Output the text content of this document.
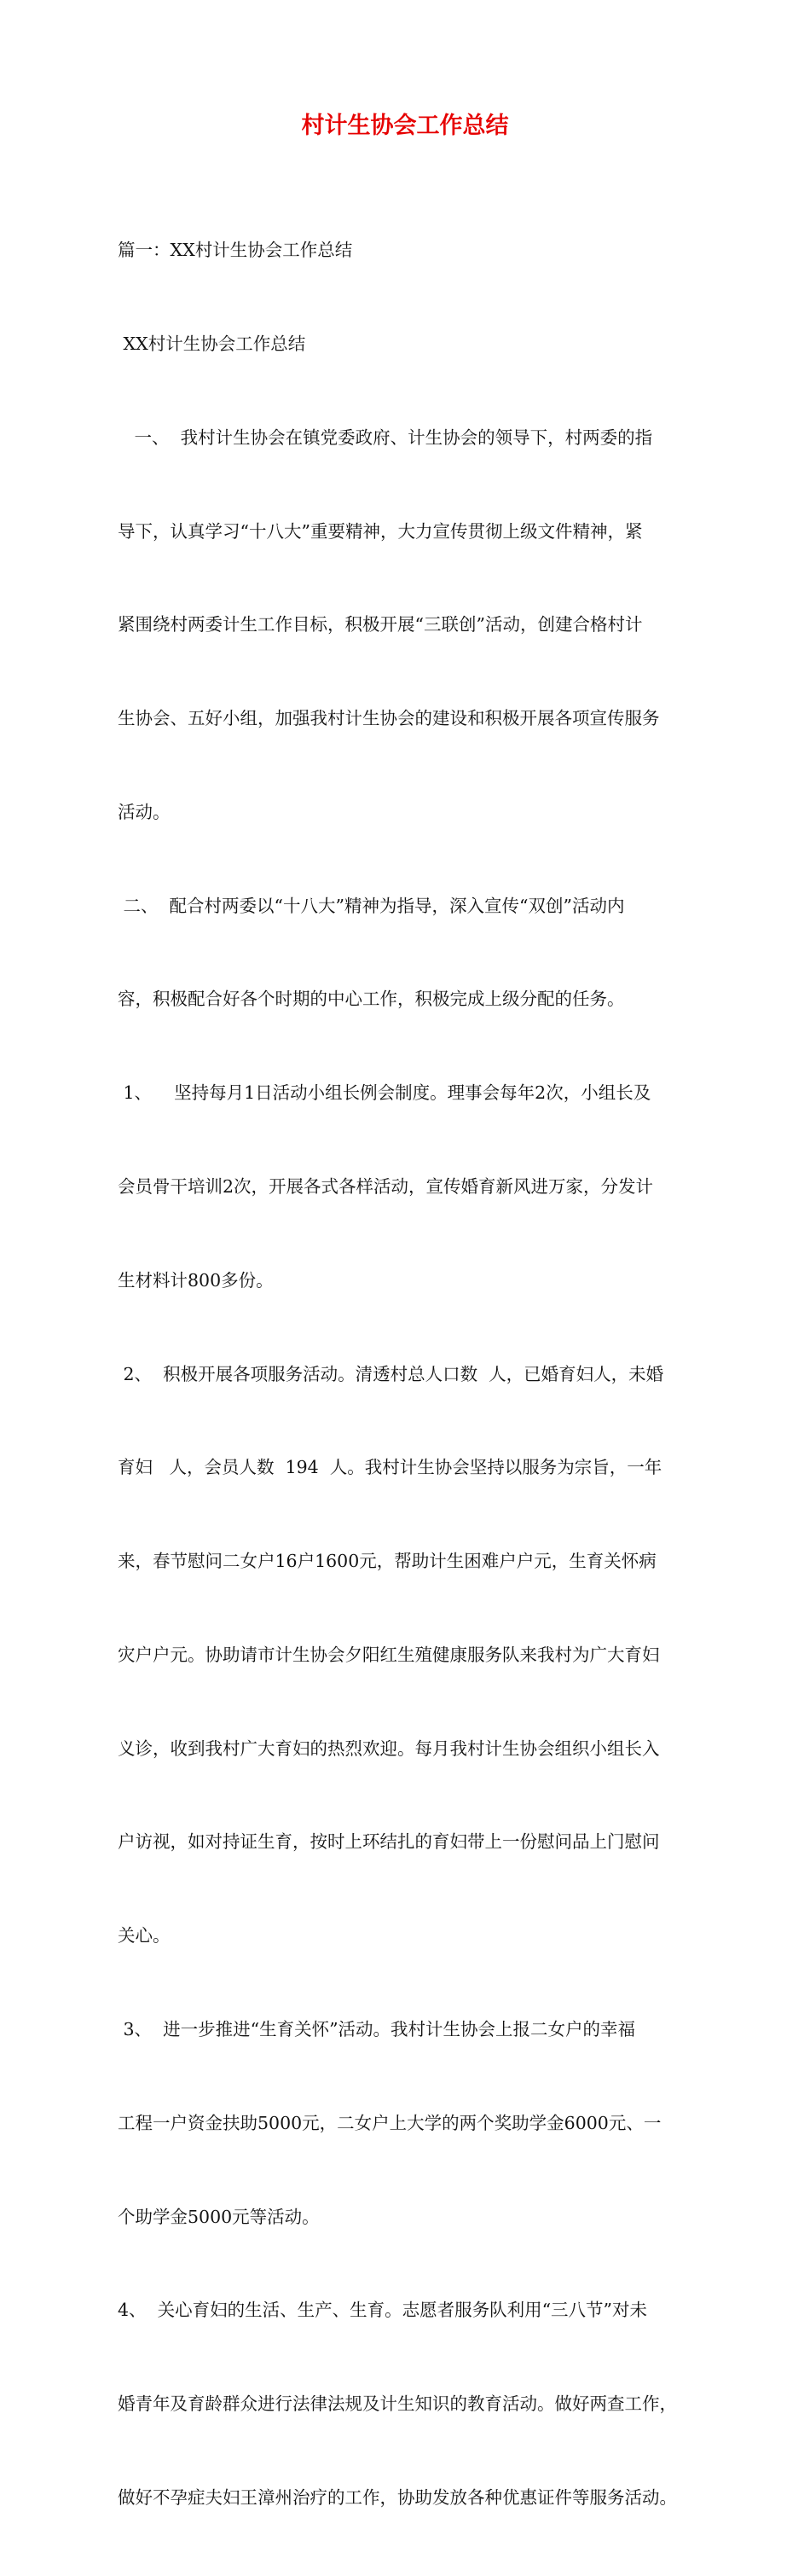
村计生协会工作总结

篇一：XX村计生协会工作总结

XX村计生协会工作总结

一、  我村计生协会在镇党委政府、计生协会的领导下，村两委的指

导下，认真学习“十八大”重要精神，大力宣传贯彻上级文件精神，紧

紧围绕村两委计生工作目标，积极开展“三联创”活动，创建合格村计

生协会、五好小组，加强我村计生协会的建设和积极开展各项宣传服务

活动。

二、  配合村两委以“十八大”精神为指导，深入宣传“双创”活动内

容，积极配合好各个时期的中心工作，积极完成上级分配的任务。

1、    坚持每月1日活动小组长例会制度。理事会每年2次，小组长及

会员骨干培训2次，开展各式各样活动，宣传婚育新风进万家，分发计

生材料计800多份。

2、  积极开展各项服务活动。清透村总人口数  人，已婚育妇人，未婚

育妇   人，会员人数  194  人。我村计生协会坚持以服务为宗旨，一年

来，春节慰问二女户16户1600元，帮助计生困难户户元，生育关怀病

灾户户元。协助请市计生协会夕阳红生殖健康服务队来我村为广大育妇

义诊，收到我村广大育妇的热烈欢迎。每月我村计生协会组织小组长入

户访视，如对持证生育，按时上环结扎的育妇带上一份慰问品上门慰问

关心。

3、  进一步推进“生育关怀”活动。我村计生协会上报二女户的幸福

工程一户资金扶助5000元，二女户上大学的两个奖助学金6000元、一

个助学金5000元等活动。

4、  关心育妇的生活、生产、生育。志愿者服务队利用“三八节”对未

婚青年及育龄群众进行法律法规及计生知识的教育活动。做好两查工作，

做好不孕症夫妇王漳州治疗的工作，协助发放各种优惠证件等服务活动。
